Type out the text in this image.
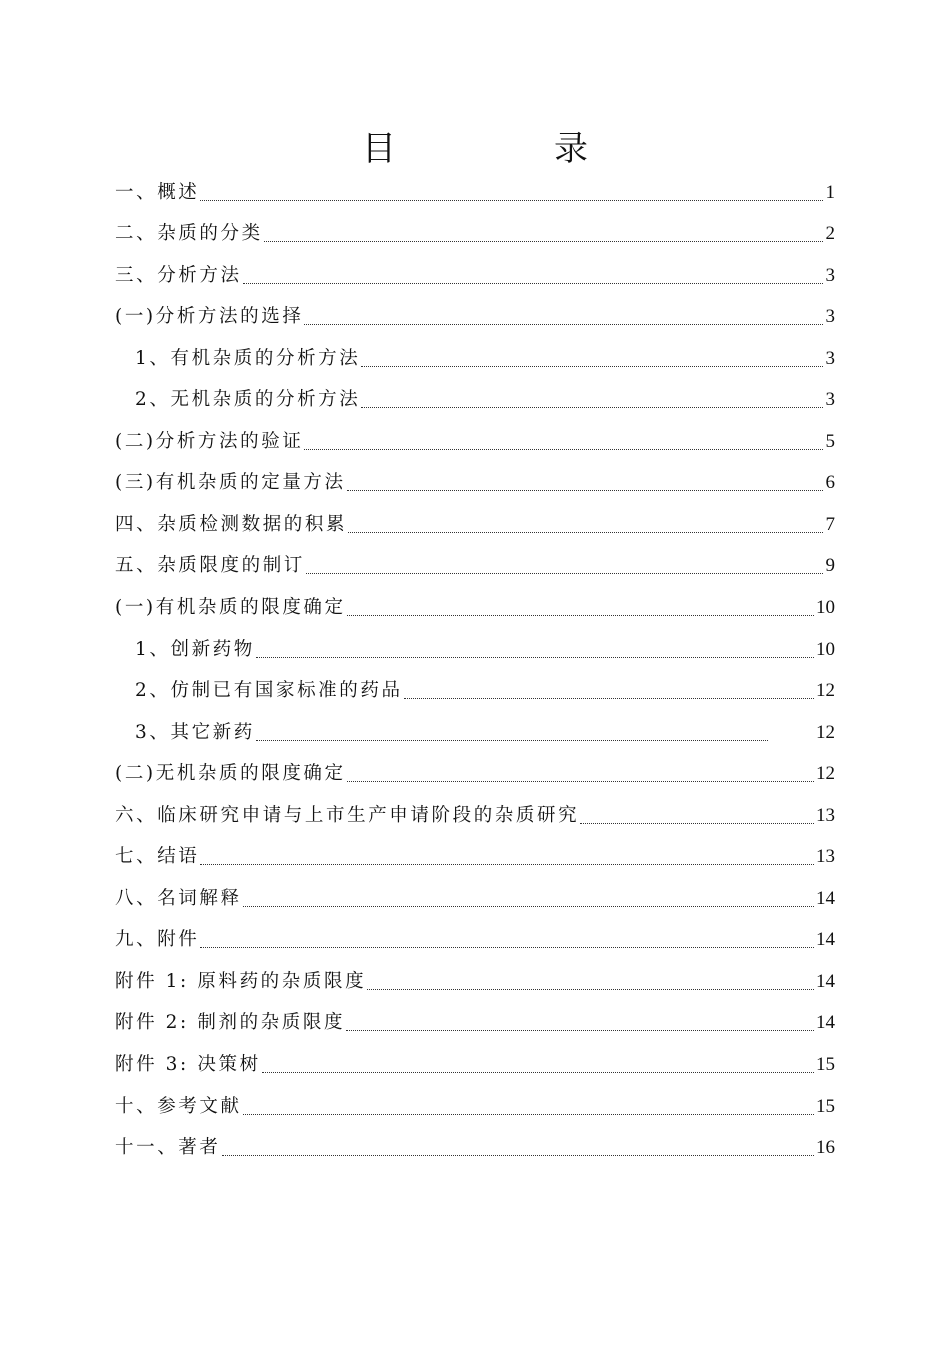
目　录
一、概述	1
二、杂质的分类	2
三、分析方法	3
(一)分析方法的选择	3
1、有机杂质的分析方法	3
2、无机杂质的分析方法	3
(二)分析方法的验证	5
(三)有机杂质的定量方法	6
四、杂质检测数据的积累	7
五、杂质限度的制订	9
(一)有机杂质的限度确定	10
1、创新药物	10
2、仿制已有国家标准的药品	12
3、其它新药	12
(二)无机杂质的限度确定	12
六、临床研究申请与上市生产申请阶段的杂质研究	13
七、结语	13
八、名词解释	14
九、附件	14
附件 1: 原料药的杂质限度	14
附件 2: 制剂的杂质限度	14
附件 3: 决策树	15
十、参考文献	15
十一、著者	16
